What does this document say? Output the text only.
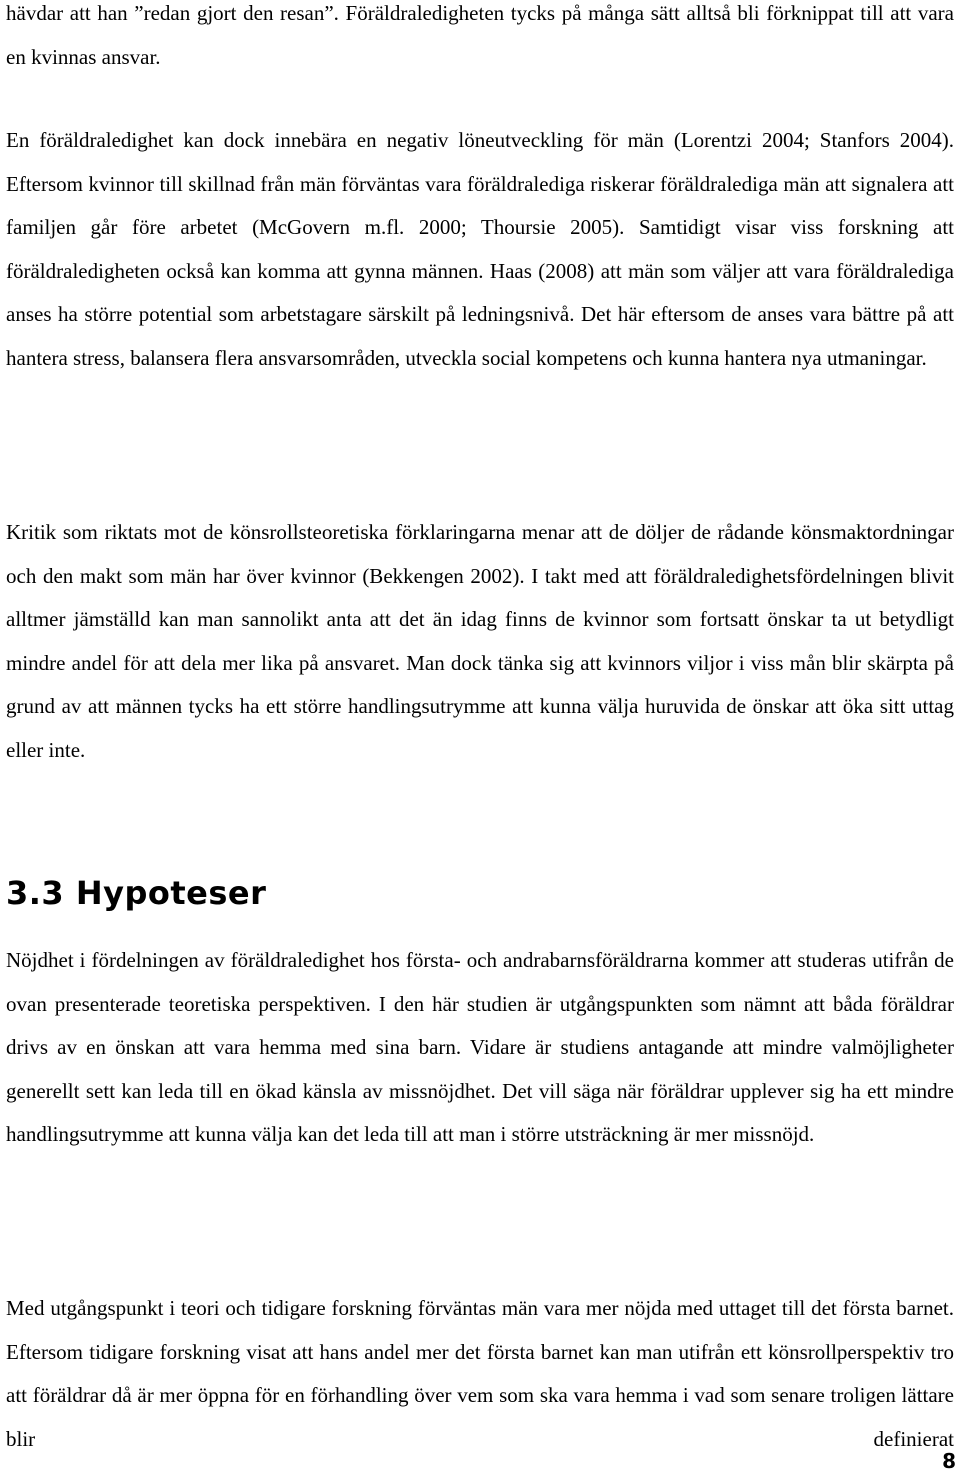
hävdar att han ”redan gjort den resan”. Föräldraledigheten tycks på många sätt alltså bli förknippat till att vara en kvinnas ansvar.

En föräldraledighet kan dock innebära en negativ löneutveckling för män (Lorentzi 2004; Stanfors 2004). Eftersom kvinnor till skillnad från män förväntas vara föräldralediga riskerar föräldralediga män att signalera att familjen går före arbetet (McGovern m.fl. 2000; Thoursie 2005). Samtidigt visar viss forskning att föräldraledigheten också kan komma att gynna männen. Haas (2008) att män som väljer att vara föräldralediga anses ha större potential som arbetstagare särskilt på ledningsnivå. Det här eftersom de anses vara bättre på att hantera stress, balansera flera ansvarsområden, utveckla social kompetens och kunna hantera nya utmaningar.

Kritik som riktats mot de könsrollsteoretiska förklaringarna menar att de döljer de rådande könsmaktordningar och den makt som män har över kvinnor (Bekkengen 2002). I takt med att föräldraledighetsfördelningen blivit alltmer jämställd kan man sannolikt anta att det än idag finns de kvinnor som fortsatt önskar ta ut betydligt mindre andel för att dela mer lika på ansvaret. Man dock tänka sig att kvinnors viljor i viss mån blir skärpta på grund av att männen tycks ha ett större handlingsutrymme att kunna välja huruvida de önskar att öka sitt uttag eller inte.

3.3 Hypoteser

Nöjdhet i fördelningen av föräldraledighet hos första- och andrabarnsföräldrarna kommer att studeras utifrån de ovan presenterade teoretiska perspektiven. I den här studien är utgångspunkten som nämnt att båda föräldrar drivs av en önskan att vara hemma med sina barn. Vidare är studiens antagande att mindre valmöjligheter generellt sett kan leda till en ökad känsla av missnöjdhet. Det vill säga när föräldrar upplever sig ha ett mindre handlingsutrymme att kunna välja kan det leda till att man i större utsträckning är mer missnöjd.

Med utgångspunkt i teori och tidigare forskning förväntas män vara mer nöjda med uttaget till det första barnet. Eftersom tidigare forskning visat att hans andel mer det första barnet kan man utifrån ett könsrollperspektiv tro att föräldrar då är mer öppna för en förhandling över vem som ska vara hemma i vad som senare troligen lättare blir definierat

8
